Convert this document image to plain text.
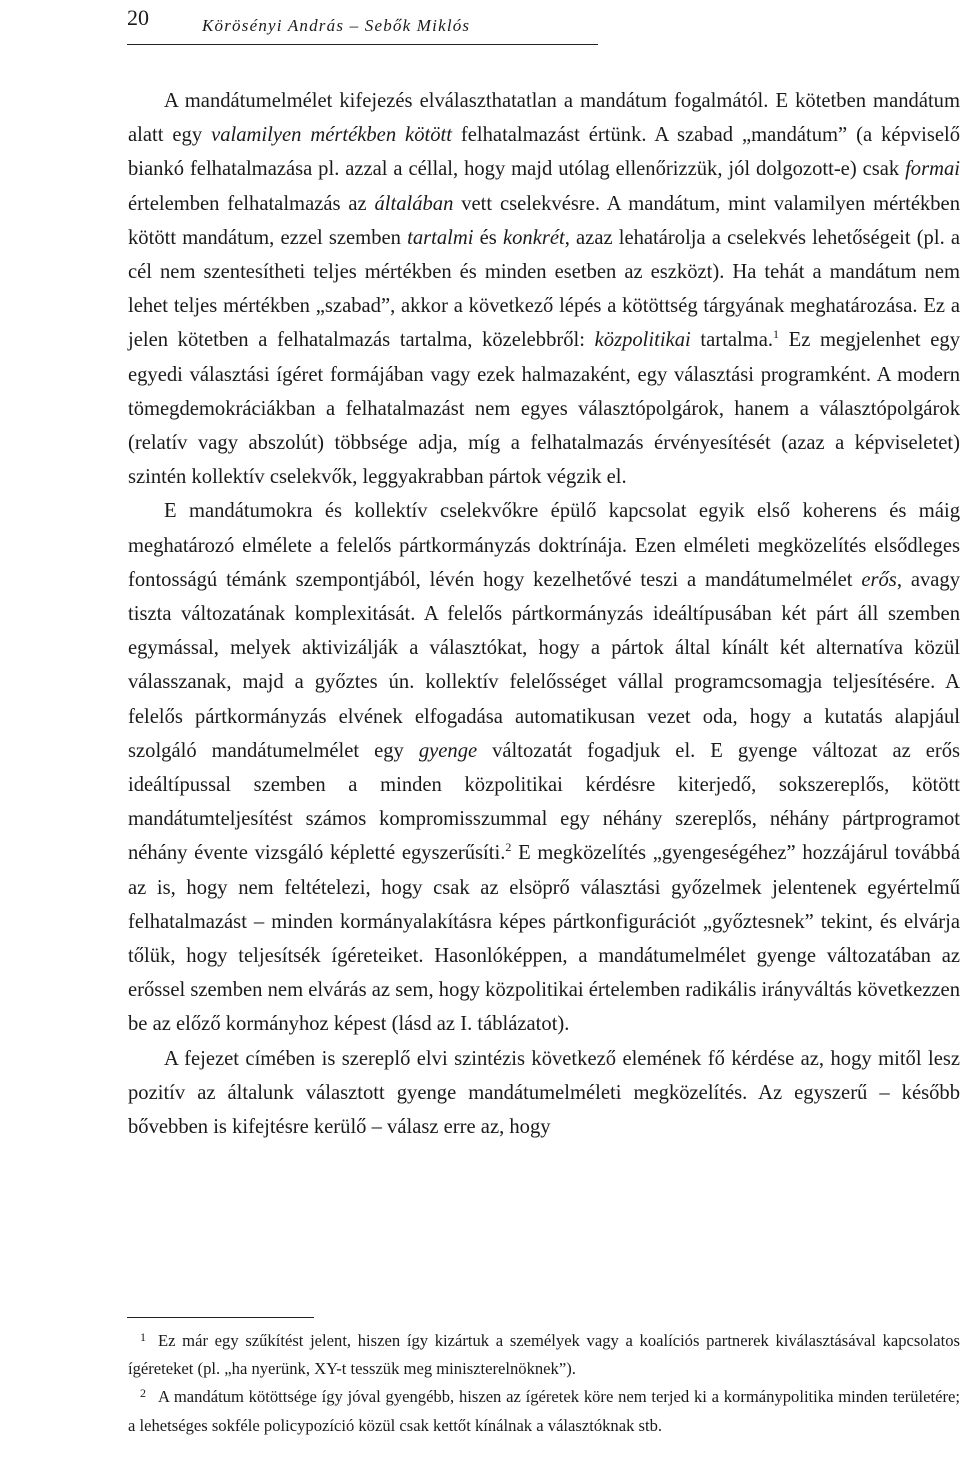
20	Körösényi András – Sebők Miklós

A mandátumelmélet kifejezés elválaszthatatlan a mandátum fogalmától. E kötetben mandátum alatt egy valamilyen mértékben kötött felhatalmazást értünk. A szabad „mandátum” (a képviselő biankó felhatalmazása pl. azzal a céllal, hogy majd utólag ellenőrizzük, jól dolgozott-e) csak formai értelemben felhatalmazás az általában vett cselekvésre. A mandátum, mint valamilyen mértékben kötött mandátum, ezzel szemben tartalmi és konkrét, azaz lehatárolja a cselekvés lehetőségeit (pl. a cél nem szentesítheti teljes mértékben és minden esetben az eszközt). Ha tehát a mandátum nem lehet teljes mértékben „szabad”, akkor a következő lépés a kötöttség tárgyának meghatározása. Ez a jelen kötetben a felhatalmazás tartalma, közelebbről: közpolitikai tartalma.$^1$ Ez megjelenhet egy egyedi választási ígéret formájában vagy ezek halmazaként, egy választási programként. A modern tömegdemokráciákban a felhatalmazást nem egyes választópolgárok, hanem a választópolgárok (relatív vagy abszolút) többsége adja, míg a felhatalmazás érvényesítését (azaz a képviseletet) szintén kollektív cselekvők, leggyakrabban pártok végzik el.

E mandátumokra és kollektív cselekvőkre épülő kapcsolat egyik első koherens és máig meghatározó elmélete a felelős pártkormányzás doktrínája. Ezen elméleti megközelítés elsődleges fontosságú témánk szempontjából, lévén hogy kezelhetővé teszi a mandátumelmélet erős, avagy tiszta változatának komplexitását. A felelős pártkormányzás ideáltípusában két párt áll szemben egymással, melyek aktivizálják a választókat, hogy a pártok által kínált két alternatíva közül válasszanak, majd a győztes ún. kollektív felelősséget vállal programcsomagja teljesítésére. A felelős pártkormányzás elvének elfogadása automatikusan vezet oda, hogy a kutatás alapjául szolgáló mandátumelmélet egy gyenge változatát fogadjuk el. E gyenge változat az erős ideáltípussal szemben a minden közpolitikai kérdésre kiterjedő, sokszereplős, kötött mandátumteljesítést számos kompromisszummal egy néhány szereplős, néhány pártprogramot néhány évente vizsgáló képletté egyszerűsíti.$^2$ E megközelítés „gyengeségéhez” hozzájárul továbbá az is, hogy nem feltételezi, hogy csak az elsöprő választási győzelmek jelentenek egyértelmű felhatalmazást – minden kormányalakításra képes pártkonfigurációt „győztesnek” tekint, és elvárja tőlük, hogy teljesítsék ígéreteiket. Hasonlóképpen, a mandátumelmélet gyenge változatában az erőssel szemben nem elvárás az sem, hogy közpolitikai értelemben radikális irányváltás következzen be az előző kormányhoz képest (lásd az I. táblázatot).

A fejezet címében is szereplő elvi szintézis következő elemének fő kérdése az, hogy mitől lesz pozitív az általunk választott gyenge mandátumelméleti megközelítés. Az egyszerű – később bővebben is kifejtésre kerülő – válasz erre az, hogy

$^1$ Ez már egy szűkítést jelent, hiszen így kizártuk a személyek vagy a koalíciós partnerek kiválasztásával kapcsolatos ígéreteket (pl. „ha nyerünk, XY-t tesszük meg miniszterelnöknek”).

$^2$ A mandátum kötöttsége így jóval gyengébb, hiszen az ígéretek köre nem terjed ki a kormánypolitika minden területére; a lehetséges sokféle policypozíció közül csak kettőt kínálnak a választóknak stb.
